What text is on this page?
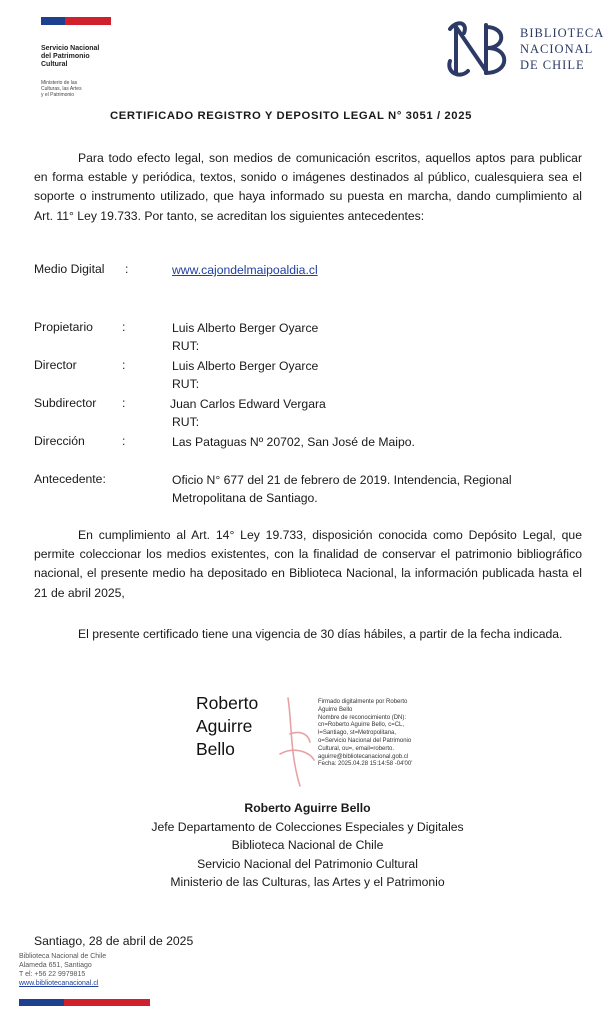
Servicio Nacional
del Patrimonio
Cultural
Ministerio de las
Culturas, las Artes
y el Patrimonio
BIBLIOTECA
NACIONAL
DE CHILE
CERTIFICADO REGISTRO Y DEPOSITO LEGAL N° 3051 / 2025
Para todo efecto legal, son medios de comunicación escritos, aquellos aptos para publicar en forma estable y periódica, textos, sonido o imágenes destinados al público, cualesquiera sea el soporte o instrumento utilizado, que haya informado su puesta en marcha, dando cumplimiento al Art. 11° Ley 19.733. Por tanto, se acreditan los siguientes antecedentes:
Medio Digital :	www.cajondelmaipoaldia.cl
Propietario :	Luis Alberto Berger Oyarce
RUT:
Director	:	Luis Alberto Berger Oyarce
RUT:
Subdirector :	Juan Carlos Edward Vergara
RUT:
Dirección	:	Las Pataguas Nº 20702, San José de Maipo.
Antecedente:	Oficio N° 677 del 21 de febrero de 2019. Intendencia, Regional
Metropolitana de Santiago.
En cumplimiento al Art. 14° Ley 19.733, disposición conocida como Depósito Legal, que permite coleccionar los medios existentes, con la finalidad de conservar el patrimonio bibliográfico nacional, el presente medio ha depositado en Biblioteca Nacional, la información publicada hasta el 21 de abril 2025,
El presente certificado tiene una vigencia de 30 días hábiles, a partir de la fecha indicada.
Roberto
Aguirre
Bello
Firmado digitalmente por Roberto
Aguirre Bello
Nombre de reconocimiento (DN):
cn=Roberto Aguirre Bello, c=CL,
l=Santiago, st=Metropolitana,
o=Servicio Nacional del Patrimonio
Cultural, ou=, email=roberto.
aguirre@bibliotecanacional.gob.cl
Fecha: 2025.04.28 15:14:58 -04'00'
Roberto Aguirre Bello
Jefe Departamento de Colecciones Especiales y Digitales
Biblioteca Nacional de Chile
Servicio Nacional del Patrimonio Cultural
Ministerio de las Culturas, las Artes y el Patrimonio
Santiago, 28 de abril de 2025
Biblioteca Nacional de Chile
Alameda 651, Santiago
T el: +56 22 9979815
www.bibliotecanacional.cl
